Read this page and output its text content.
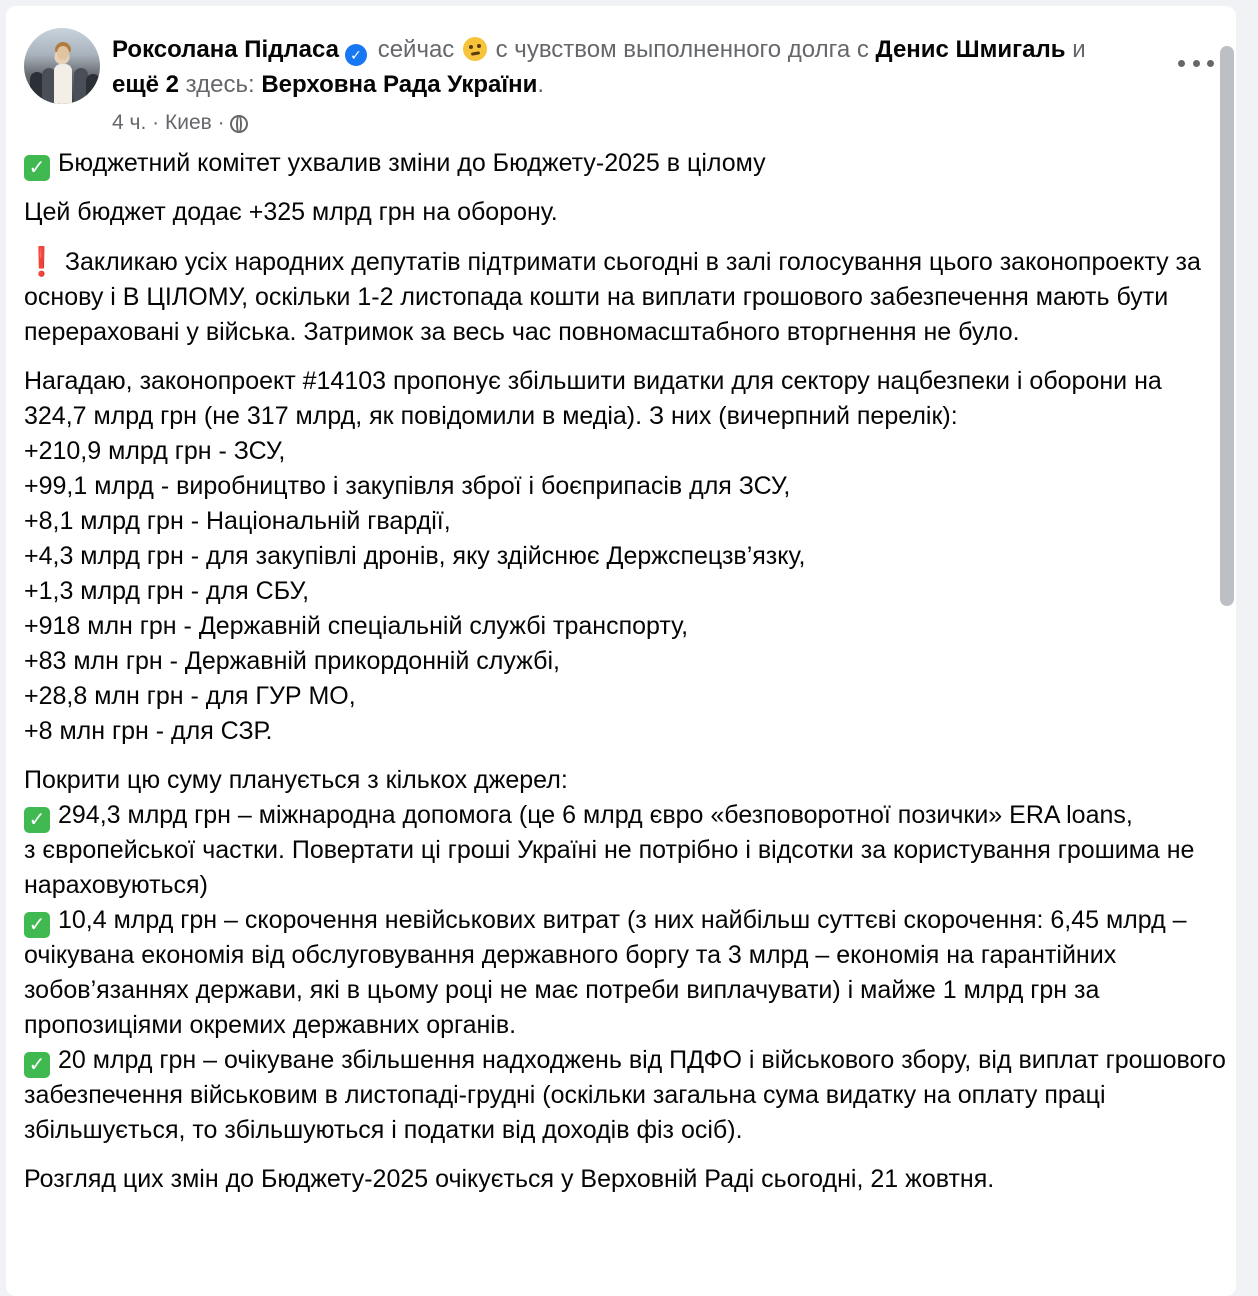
Роксолана Підласа ✓ сейчас с чувством выполненного долга с Денис Шмигаль и ещё 2 здесь: Верховна Рада України.
4 ч. · Киев ·

✓ Бюджетний комітет ухвалив зміни до Бюджету-2025 в цілому

Цей бюджет додає +325 млрд грн на оборону.

❗ Закликаю усіх народних депутатів підтримати сьогодні в залі голосування цього законопроекту за основу і В ЦІЛОМУ, оскільки 1-2 листопада кошти на виплати грошового забезпечення мають бути перераховані у війська. Затримок за весь час повномасштабного вторгнення не було.

Нагадаю, законопроект #14103 пропонує збільшити видатки для сектору нацбезпеки і оборони на 324,7 млрд грн (не 317 млрд, як повідомили в медіа). З них (вичерпний перелік):
+210,9 млрд грн - ЗСУ,
+99,1 млрд - виробництво і закупівля зброї і боєприпасів для ЗСУ,
+8,1 млрд грн - Національній гвардії,
+4,3 млрд грн - для закупівлі дронів, яку здійснює Держспецзв’язку,
+1,3 млрд грн - для СБУ,
+918 млн грн - Державній спеціальній службі транспорту,
+83 млн грн - Державній прикордонній службі,
+28,8 млн грн - для ГУР МО,
+8 млн грн - для СЗР.

Покрити цю суму планується з кількох джерел:
✓ 294,3 млрд грн – міжнародна допомога (це 6 млрд євро «безповоротної позички» ERA loans,
з європейської частки. Повертати ці гроші Україні не потрібно і відсотки за користування грошима не нараховуються)
✓ 10,4 млрд грн – скорочення невійськових витрат (з них найбільш суттєві скорочення: 6,45 млрд – очікувана економія від обслуговування державного боргу та 3 млрд – економія на гарантійних зобов’язаннях держави, які в цьому році не має потреби виплачувати) і майже 1 млрд грн за пропозиціями окремих державних органів.
✓ 20 млрд грн – очікуване збільшення надходжень від ПДФО і військового збору, від виплат грошового забезпечення військовим в листопаді-грудні (оскільки загальна сума видатку на оплату праці збільшується, то збільшуються і податки від доходів фіз осіб).

Розгляд цих змін до Бюджету-2025 очікується у Верховній Раді сьогодні, 21 жовтня.
